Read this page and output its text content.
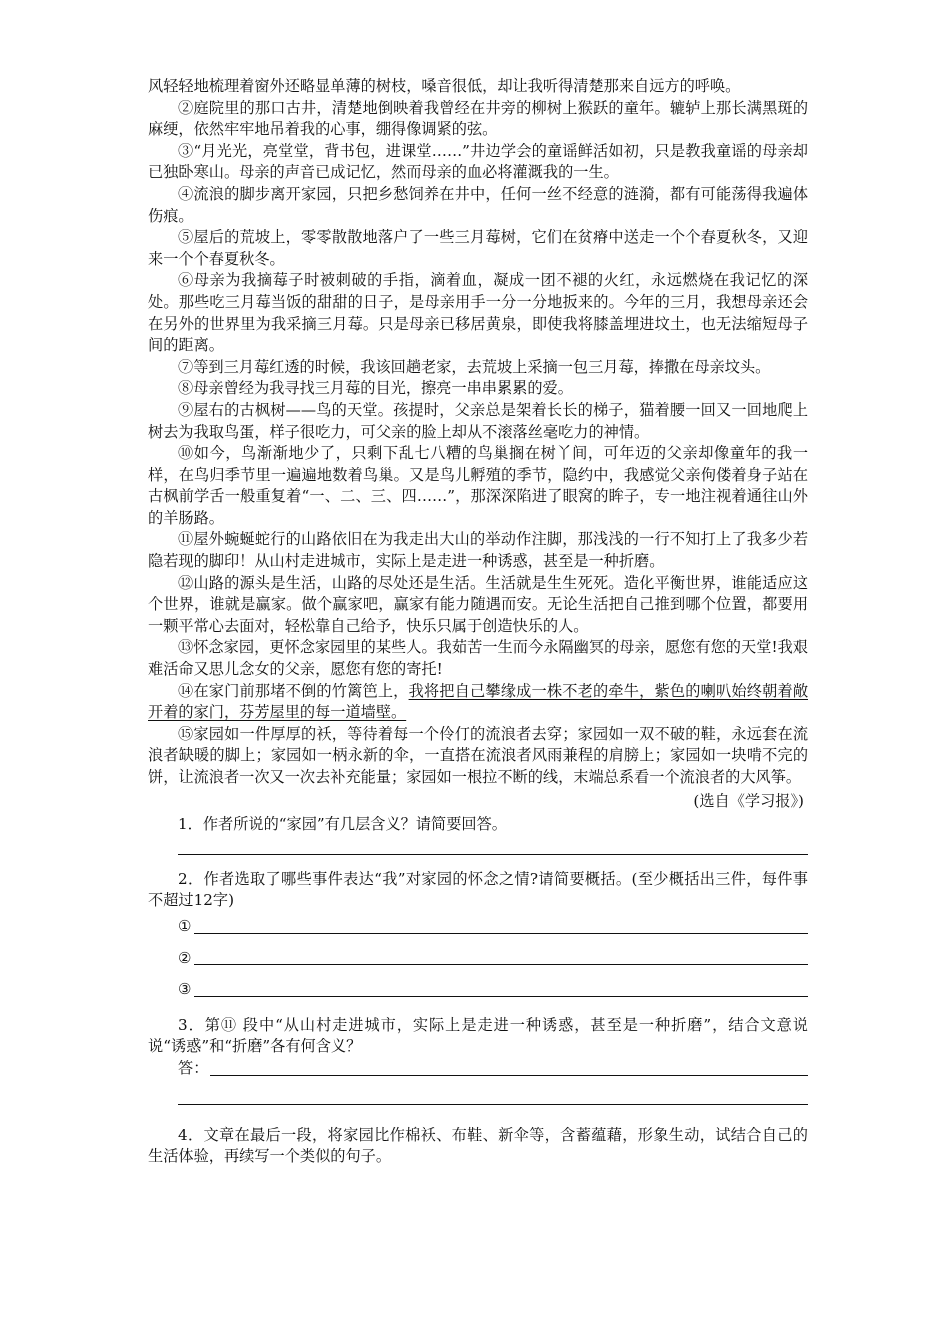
风轻轻地梳理着窗外还略显单薄的树枝，嗓音很低，却让我听得清楚那来自远方的呼唤。

②庭院里的那口古井，清楚地倒映着我曾经在井旁的柳树上猴跃的童年。辘轳上那长满黑斑的麻绠，依然牢牢地吊着我的心事，绷得像调紧的弦。

③“月光光，亮堂堂，背书包，进课堂……”井边学会的童谣鲜活如初，只是教我童谣的母亲却已独卧寒山。母亲的声音已成记忆，然而母亲的血必将灌溉我的一生。

④流浪的脚步离开家园，只把乡愁饲养在井中，任何一丝不经意的涟漪，都有可能荡得我遍体伤痕。

⑤屋后的荒坡上，零零散散地落户了一些三月莓树，它们在贫瘠中送走一个个春夏秋冬，又迎来一个个春夏秋冬。

⑥母亲为我摘莓子时被刺破的手指，滴着血，凝成一团不褪的火红，永远燃烧在我记忆的深处。那些吃三月莓当饭的甜甜的日子，是母亲用手一分一分地扳来的。今年的三月，我想母亲还会在另外的世界里为我采摘三月莓。只是母亲已移居黄泉，即使我将膝盖埋进坟土，也无法缩短母子间的距离。

⑦等到三月莓红透的时候，我该回趟老家，去荒坡上采摘一包三月莓，捧撒在母亲坟头。

⑧母亲曾经为我寻找三月莓的目光，擦亮一串串累累的爱。

⑨屋右的古枫树——鸟的天堂。孩提时，父亲总是架着长长的梯子，猫着腰一回又一回地爬上树去为我取鸟蛋，样子很吃力，可父亲的脸上却从不滚落丝毫吃力的神情。

⑩如今，鸟渐渐地少了，只剩下乱七八糟的鸟巢搁在树丫间，可年迈的父亲却像童年的我一样，在鸟归季节里一遍遍地数着鸟巢。又是鸟儿孵殖的季节，隐约中，我感觉父亲佝偻着身子站在古枫前学舌一般重复着“一、二、三、四……”，那深深陷进了眼窝的眸子，专一地注视着通往山外的羊肠路。

⑪屋外蜿蜒蛇行的山路依旧在为我走出大山的举动作注脚，那浅浅的一行不知打上了我多少若隐若现的脚印！从山村走进城市，实际上是走进一种诱惑，甚至是一种折磨。

⑫山路的源头是生活，山路的尽处还是生活。生活就是生生死死。造化平衡世界，谁能适应这个世界，谁就是赢家。做个赢家吧，赢家有能力随遇而安。无论生活把自己推到哪个位置，都要用一颗平常心去面对，轻松靠自己给予，快乐只属于创造快乐的人。

⑬怀念家园，更怀念家园里的某些人。我茹苦一生而今永隔幽冥的母亲，愿您有您的天堂!我艰难活命又思儿念女的父亲，愿您有您的寄托!

⑭在家门前那堵不倒的竹篱笆上，我将把自己攀缘成一株不老的牵牛，紫色的喇叭始终朝着敞开着的家门，芬芳屋里的每一道墙壁。

⑮家园如一件厚厚的袄，等待着每一个伶仃的流浪者去穿；家园如一双不破的鞋，永远套在流浪者缺暖的脚上；家园如一柄永新的伞，一直搭在流浪者风雨兼程的肩膀上；家园如一块啃不完的饼，让流浪者一次又一次去补充能量；家园如一根拉不断的线，末端总系看一个流浪者的大风筝。

(选自《学习报》)

1．作者所说的“家园”有几层含义？请简要回答。

2．作者选取了哪些事件表达“我”对家园的怀念之情?请简要概括。(至少概括出三件，每件事不超过12字)

①
②
③

3．第⑪ 段中“从山村走进城市，实际上是走进一种诱惑，甚至是一种折磨”，结合文意说说“诱惑”和“折磨”各有何含义？

答：

4．文章在最后一段，将家园比作棉袄、布鞋、新伞等，含蓄蕴藉，形象生动，试结合自己的生活体验，再续写一个类似的句子。
